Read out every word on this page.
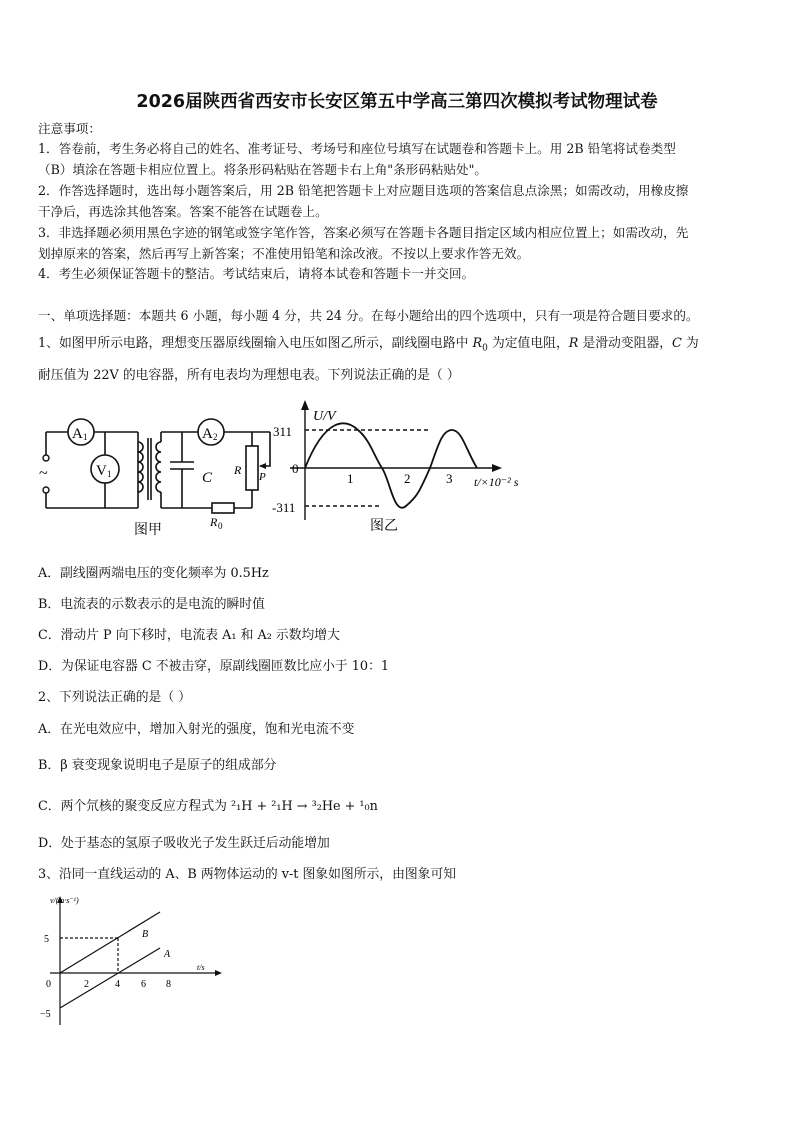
2026届陕西省西安市长安区第五中学高三第四次模拟考试物理试卷
注意事项：
1．答卷前，考生务必将自己的姓名、准考证号、考场号和座位号填写在试题卷和答题卡上。用 2B 铅笔将试卷类型
（B）填涂在答题卡相应位置上。将条形码粘贴在答题卡右上角"条形码粘贴处"。
2．作答选择题时，选出每小题答案后，用 2B 铅笔把答题卡上对应题目选项的答案信息点涂黑；如需改动，用橡皮擦
干净后，再选涂其他答案。答案不能答在试题卷上。
3．非选择题必须用黑色字迹的钢笔或签字笔作答，答案必须写在答题卡各题目指定区域内相应位置上；如需改动，先
划掉原来的答案，然后再写上新答案；不准使用铅笔和涂改液。不按以上要求作答无效。
4．考生必须保证答题卡的整洁。考试结束后，请将本试卷和答题卡一并交回。
一、单项选择题：本题共 6 小题，每小题 4 分，共 24 分。在每小题给出的四个选项中，只有一项是符合题目要求的。
1、如图甲所示电路，理想变压器原线圈输入电压如图乙所示，副线圈电路中 $R_0$ 为定值电阻，R 是滑动变阻器，C 为
耐压值为 22V 的电容器，所有电表均为理想电表。下列说法正确的是（ ）
~
A 1
V 1
A 2
C R P
R 0
图甲
U/V
311
0
-311
1	2	3 t/×10⁻² s
图乙
A．副线圈两端电压的变化频率为 0.5Hz
B．电流表的示数表示的是电流的瞬时值
C．滑动片 P 向下移时，电流表 A₁ 和 A₂ 示数均增大
D．为保证电容器 C 不被击穿，原副线圈匝数比应小于 10：1
2、下列说法正确的是（ ）
A．在光电效应中，增加入射光的强度，饱和光电流不变
B．β 衰变现象说明电子是原子的组成部分
C．两个氘核的聚变反应方程式为 ²₁H + ²₁H → ³₂He + ¹₀n
D．处于基态的氢原子吸收光子发生跃迁后动能增加
3、沿同一直线运动的 A、B 两物体运动的 v-t 图象如图所示，由图象可知
v/(m·s⁻¹)
t/s
5
0
−5
2	4 6 8
B
A
